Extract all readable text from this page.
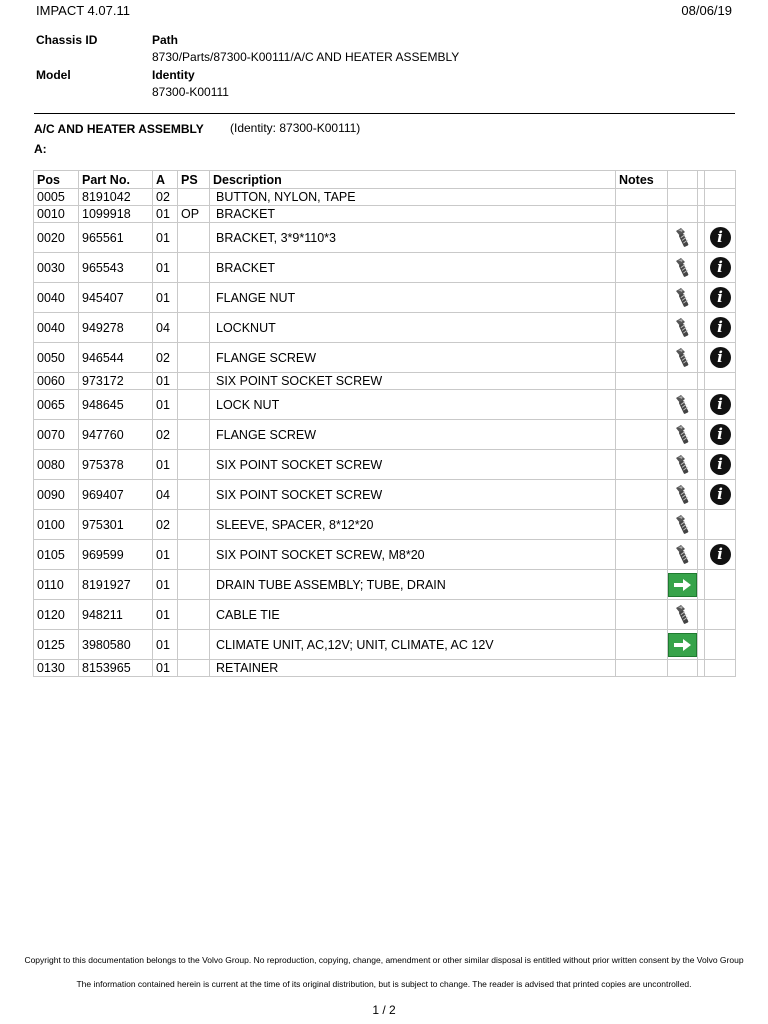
IMPACT 4.07.11	08/06/19
Chassis ID
Model
Path
8730/Parts/87300-K00111/A/C AND HEATER ASSEMBLY
Identity
87300-K00111
A/C AND HEATER ASSEMBLY (Identity: 87300-K00111)
A:
Pos	Part No.	A	PS	Description	Notes			
0005	8191042	02		BUTTON, NYLON, TAPE				
0010	1099918	01	OP	BRACKET				
0020	965561	01		BRACKET, 3*9*110*3				i
0030	965543	01		BRACKET				i
0040	945407	01		FLANGE NUT				i
0040	949278	04		LOCKNUT				i
0050	946544	02		FLANGE SCREW				i
0060	973172	01		SIX POINT SOCKET SCREW				
0065	948645	01		LOCK NUT				i
0070	947760	02		FLANGE SCREW				i
0080	975378	01		SIX POINT SOCKET SCREW				i
0090	969407	04		SIX POINT SOCKET SCREW				i
0100	975301	02		SLEEVE, SPACER, 8*12*20				
0105	969599	01		SIX POINT SOCKET SCREW, M8*20				i
0110	8191927	01		DRAIN TUBE ASSEMBLY; TUBE, DRAIN				
0120	948211	01		CABLE TIE				
0125	3980580	01		CLIMATE UNIT, AC,12V; UNIT, CLIMATE, AC 12V				
0130	8153965	01		RETAINER				
Copyright to this documentation belongs to the Volvo Group. No reproduction, copying, change, amendment or other similar disposal is entitled without prior written consent by the Volvo Group
The information contained herein is current at the time of its original distribution, but is subject to change. The reader is advised that printed copies are uncontrolled.
1 / 2
